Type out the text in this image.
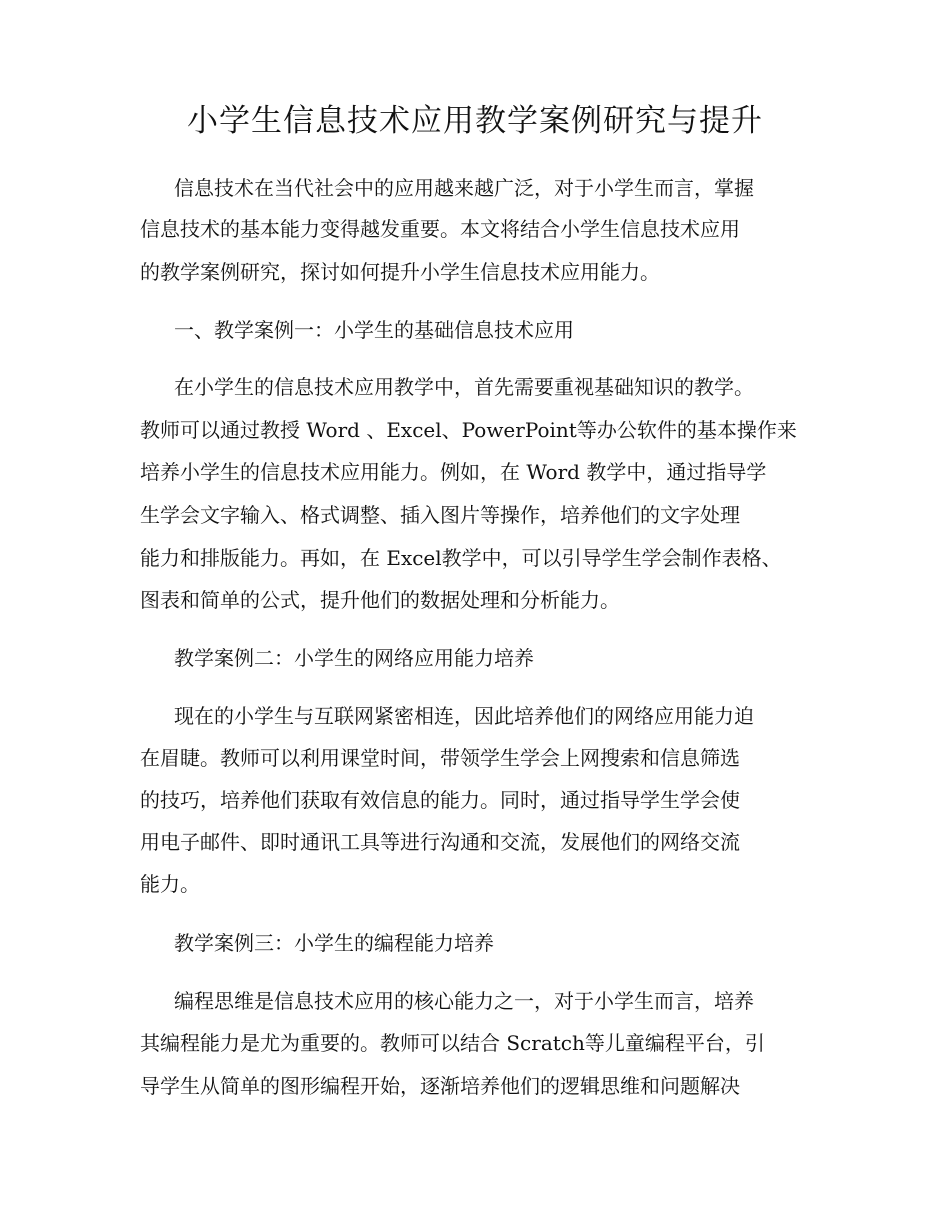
小学生信息技术应用教学案例研究与提升

信息技术在当代社会中的应用越来越广泛，对于小学生而言，掌握

信息技术的基本能力变得越发重要。本文将结合小学生信息技术应用

的教学案例研究，探讨如何提升小学生信息技术应用能力。

一、教学案例一：小学生的基础信息技术应用

在小学生的信息技术应用教学中，首先需要重视基础知识的教学。

教师可以通过教授 Word 、Excel、PowerPoint等办公软件的基本操作来

培养小学生的信息技术应用能力。例如，在 Word 教学中，通过指导学

生学会文字输入、格式调整、插入图片等操作，培养他们的文字处理

能力和排版能力。再如，在 Excel教学中，可以引导学生学会制作表格、

图表和简单的公式，提升他们的数据处理和分析能力。

教学案例二：小学生的网络应用能力培养

现在的小学生与互联网紧密相连，因此培养他们的网络应用能力迫

在眉睫。教师可以利用课堂时间，带领学生学会上网搜索和信息筛选

的技巧，培养他们获取有效信息的能力。同时，通过指导学生学会使

用电子邮件、即时通讯工具等进行沟通和交流，发展他们的网络交流

能力。

教学案例三：小学生的编程能力培养

编程思维是信息技术应用的核心能力之一，对于小学生而言，培养

其编程能力是尤为重要的。教师可以结合 Scratch等儿童编程平台，引

导学生从简单的图形编程开始，逐渐培养他们的逻辑思维和问题解决
